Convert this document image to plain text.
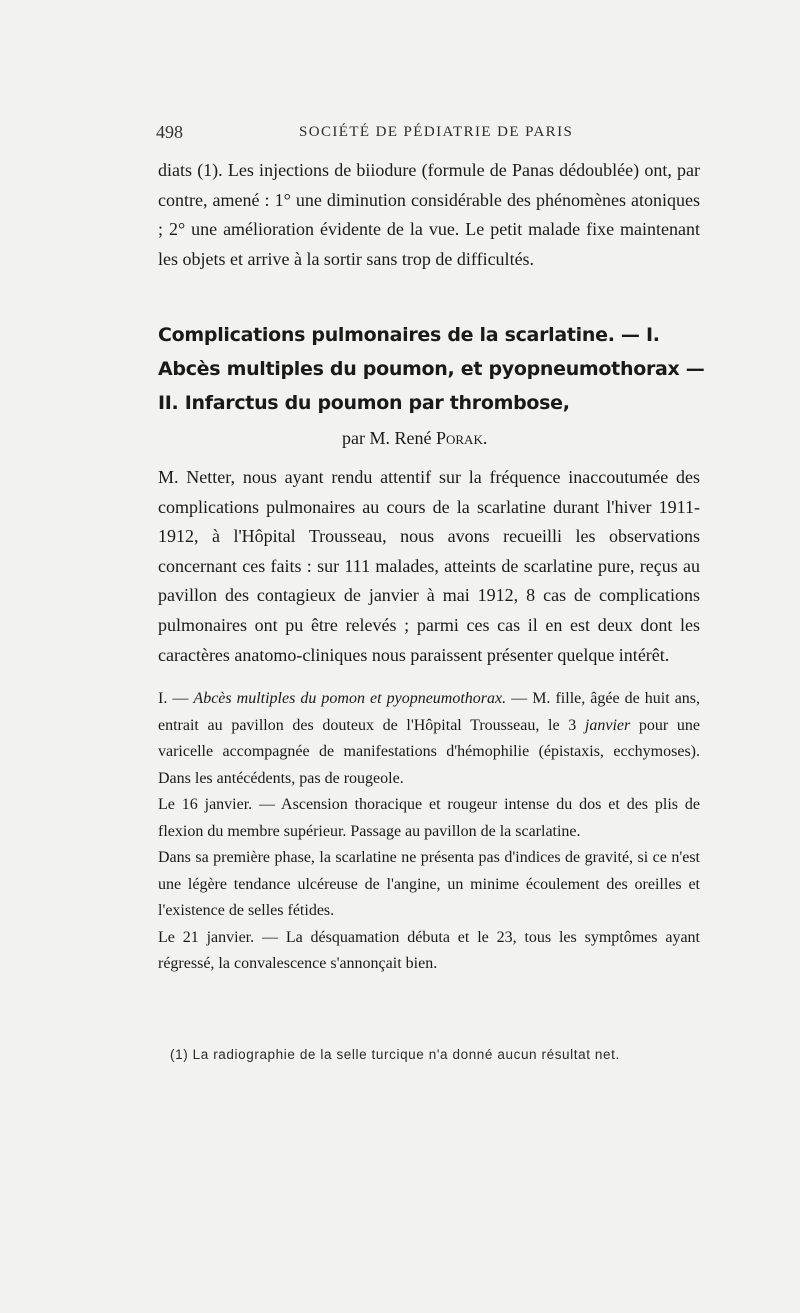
498	SOCIÉTÉ DE PÉDIATRIE DE PARIS

diats (1). Les injections de biiodure (formule de Panas dédoublée) ont, par contre, amené : 1° une diminution considérable des phénomènes atoniques ; 2° une amélioration évidente de la vue. Le petit malade fixe maintenant les objets et arrive à la sortir sans trop de difficultés.

Complications pulmonaires de la scarlatine. — I. Abcès multiples du poumon, et pyopneumothorax — II. Infarctus du poumon par thrombose,
par M. René Porak.

M. Netter, nous ayant rendu attentif sur la fréquence inaccoutumée des complications pulmonaires au cours de la scarlatine durant l'hiver 1911-1912, à l'Hôpital Trousseau, nous avons recueilli les observations concernant ces faits : sur 111 malades, atteints de scarlatine pure, reçus au pavillon des contagieux de janvier à mai 1912, 8 cas de complications pulmonaires ont pu être relevés ; parmi ces cas il en est deux dont les caractères anatomo-cliniques nous paraissent présenter quelque intérêt.

I. — Abcès multiples du pomon et pyopneumothorax. — M. fille, âgée de huit ans, entrait au pavillon des douteux de l'Hôpital Trousseau, le 3 janvier pour une varicelle accompagnée de manifestations d'hémophilie (épistaxis, ecchymoses). Dans les antécédents, pas de rougeole.

Le 16 janvier. — Ascension thoracique et rougeur intense du dos et des plis de flexion du membre supérieur. Passage au pavillon de la scarlatine.

Dans sa première phase, la scarlatine ne présenta pas d'indices de gravité, si ce n'est une légère tendance ulcéreuse de l'angine, un minime écoulement des oreilles et l'existence de selles fétides.

Le 21 janvier. — La désquamation débuta et le 23, tous les symptômes ayant régressé, la convalescence s'annonçait bien.

(1) La radiographie de la selle turcique n'a donné aucun résultat net.
